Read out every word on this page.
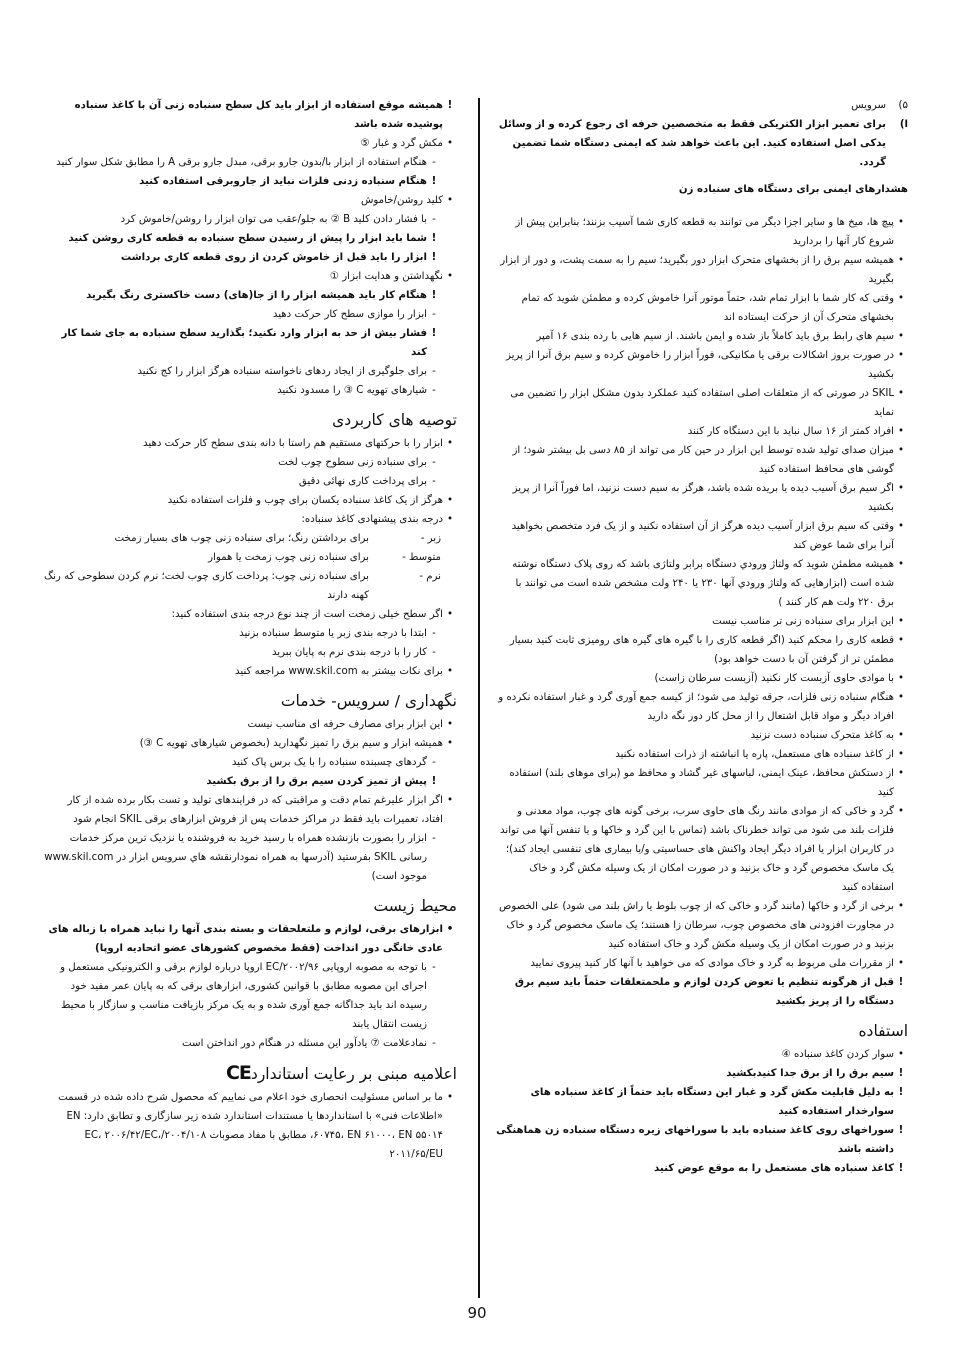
۵)
سرویس
ا)
برای تعمیر ابزار الکتریکی فقط به متخصصین حرفه ای رجوع کرده و از وسائل یدکی اصل استفاده کنید. این باعث خواهد شد که ایمنی دستگاه شما تضمین گردد.
هشدارهای ایمنی برای دستگاه های سنباده زن
•
پیچ ها، میخ ها و سایر اجزا دیگر می توانند به قطعه کاری شما آسیب بزنند؛ بنابراین پیش از شروع کار آنها را بردارید
•
همیشه سیم برق را از بخشهای متحرک ابزار دور بگیرید؛ سیم را به سمت پشت، و دور از ابزار بگیرید
•
وقتی که کار شما با ابزار تمام شد، حتماً موتور آنرا خاموش کرده و مطمئن شوید که تمام بخشهای متحرک آن از حرکت ایستاده اند
•
سیم های رابط برق باید کاملاً باز شده و ایمن باشند. از سیم هایی با رده بندی ۱۶ آمپر
•
در صورت بروز اشکالات برقی یا مکانیکی، فوراً ابزار را خاموش کرده و سیم برق آنرا از پریز بکشید
•
SKIL در صورتی که از متعلقات اصلی استفاده کنید عملکرد بدون مشکل ابزار را تضمین می نماید
•
افراد کمتر از ۱۶ سال نباید با این دستگاه کار کنند
•
میزان صدای تولید شده توسط این ابزار در حین کار می تواند از ۸۵ دسی بل بیشتر شود؛ از گوشی های محافظ استفاده کنید
•
اگر سیم برق آسیب دیده یا بریده شده باشد، هرگز به سیم دست نزنید، اما فوراً آنرا از پریز بکشید
•
وقتی که سیم برق ابزار آسیب دیده هرگز از آن استفاده نکنید و از یک فرد متخصص بخواهید آنرا برای شما عوض کند
•
همیشه مطمئن شوید که ولتاژ ورودي دستگاه برابر ولتاژی باشد که روی پلاک دستگاه نوشته شده است (ابزارهایی که ولتاژ ورودي آنها ۲۳۰ یا ۲۴۰ ولت مشخص شده است می توانند با برق ۲۲۰ ولت هم کار کنند )
•
این ابزار برای سنباده زنی تر مناسب نیست
•
قطعه کاری را محکم کنید (اگر قطعه کاری را با گیره های گیره های رومیزی ثابت کنید بسیار مطمئن تر از گرفتن آن با دست خواهد بود)
•
با موادی حاوی آزبست کار نکنید (آزبست سرطان زاست)
•
هنگام سنباده زنی فلزات، جرقه تولید می شود؛ از کیسه جمع آوری گرد و غبار استفاده نکرده و افراد دیگر و مواد قابل اشتعال را از محل کار دور نگه دارید
•
به کاغذ متحرک سنباده دست نزنید
•
از کاغذ سنباده های مستعمل، پاره یا انباشته از ذرات استفاده نکنید
•
از دستکش محافظ، عینک ایمنی، لباسهای غیر گشاد و محافظ مو (برای موهای بلند) استفاده کنید
•
گرد و خاکی که از موادی مانند رنگ های حاوی سرب، برخی گونه های چوب، مواد معدنی و فلزات بلند می شود می تواند خطرناک باشد (تماس با این گرد و خاکها و یا تنفس آنها می تواند در کاربران ابزار یا افراد دیگر ایجاد واکنش های حساسیتی و/یا بیماری های تنفسی ایجاد کند)؛ یک ماسک مخصوص گرد و خاک بزنید و در صورت امکان از یک وسیله مکش گرد و خاک استفاده کنید
•
برخی از گرد و خاکها (مانند گرد و خاکی که از چوب بلوط یا راش بلند می شود) علی الخصوص در مجاورت افزودنی های مخصوص چوب، سرطان زا هستند؛ یک ماسک مخصوص گرد و خاک بزنید و در صورت امکان از یک وسیله مکش گرد و خاک استفاده کنید
•
از مقررات ملی مربوط به گرد و خاک موادی که می خواهید با آنها کار کنید پیروی نمایید
!
قبل از هرگونه تنظیم یا تعوض کردن لوازم و ملحمتعلقات حتماً باید سیم برق دستگاه را از پریز بکشید
استفاده
•
سوار کردن کاغذ سنباده ④
!
سیم برق را از برق جدا کنیدبکشید
!
به دلیل قابلیت مکش گرد و غبار این دستگاه باید حتماً از کاغذ سنباده های سوارخدار استفاده کنید
!
سوراخهای روی کاغذ سنباده باید با سوراخهای زیره دستگاه سنباده زن هماهنگی داشته باشد
!
کاغذ سنباده های مستعمل را به موقع عوض کنید
!
همیشه موقع استفاده از ابزار باید کل سطح سنباده زنی آن با کاغذ سنباده پوشیده شده باشد
•
مکش گرد و غبار ⑤
-
هنگام استفاده از ابزار با/بدون جارو برقی، مبدل جارو برقی A را مطابق شکل سوار کنید
!
هنگام سنباده زدنی فلزات نباید از جاروبرقی استفاده کنید
•
کلید روشن/خاموش
-
با فشار دادن کلید B ② به جلو/عقب می توان ابزار را روشن/خاموش کرد
!
شما باید ابزار را پیش از رسیدن سطح سنباده به قطعه کاری روشن کنید
!
ابزار را باید قبل از خاموش کردن از روی قطعه کاری برداشت
•
نگهداشتن و هدایت ابزار ①
!
هنگام کار باید همیشه ابزار را از جا(های) دست خاکستری رنگ بگیرید
-
ابزار را موازی سطح کار حرکت دهید
!
فشار بیش از حد به ابزار وارد نکنید؛ بگذارید سطح سنباده به جای شما کار کند
-
برای جلوگیری از ایجاد ردهای ناخواسته سنباده هرگز ابزار را کج نکنید
-
شیارهای تهویه C ③ را مسدود نکنید
توصیه های کاربردی
•
ابزار را با حرکتهای مستقیم هم راستا با دانه بندی سطح کار حرکت دهید
-
برای سنباده زنی سطوح چوب لخت
-
برای پرداخت کاری نهائی دقیق
•
هرگز از یک کاغذ سنباده یکسان برای چوب و فلزات استفاده نکنید
•
درجه بندی پیشنهادی کاغذ سنباده:
زبر -
برای برداشتن رنگ؛ برای سنباده زنی چوب های بسیار زمخت
متوسط -
برای سنباده زنی چوب زمخت یا هموار
نرم -
برای سنباده زنی چوب: پرداخت کاری چوب لخت؛ نرم کردن سطوحی که رنگ کهنه دارند
•
اگر سطح خیلی زمخت است از چند نوع درجه بندی استفاده کنید:
-
ابتدا با درجه بندی زبر یا متوسط سنباده بزنید
-
کار را با درجه بندی نرم به پایان ببرید
•
برای نکات بیشتر به www.skil.com مراجعه کنید
نگهداری / سرویس- خدمات
•
این ابزار برای مصارف حرفه ای مناسب نیست
•
همیشه ابزار و سیم برق را تمیز نگهدارید (بخصوص شیارهای تهویه C ③)
-
گردهای چسبنده سنباده را با یک برس پاک کنید
!
پیش از تمیز کردن سیم برق را از برق بکشید
•
اگر ابزار علیرغم تمام دقت و مراقبتی که در فرایندهای تولید و تست بکار برده شده از کار افتاد، تعمیرات باید فقط در مراکز خدمات پس از فروش ابزارهای برقی SKIL انجام شود
-
ابزار را بصورت بازنشده همراه با رسید خرید به فروشنده یا نزدیک ترین مرکز خدمات رسانی SKIL بفرستید (آدرسها به همراه نمودارنقشه هاي سرویس ابزار در www.skil.com موجود است)
محیط زیست
•
ابزارهای برقی، لوازم و ملتعلحقات و بسته بندی آنها را نباید همراه با زباله های عادی خانگی دور انداخت (فقط مخصوص کشورهای عضو اتحادیه اروپا)
-
با توجه به مصوبه اروپایی ۲۰۰۲/۹۶/EC اروپا درباره لوازم برقی و الکترونیکی مستعمل و اجرای این مصوبه مطابق با قوانین کشوری، ابزارهای برقی که به پایان عمر مفید خود رسیده اند باید جداگانه جمع آوری شده و به یک مرکز بازیافت مناسب و سازگار با محیط زیست انتقال یابند
-
نمادعلامت ⑦ یادآور این مسئله در هنگام دور انداختن است
اعلامیه مبنی بر رعایت استانداردCE
•
ما بر اساس مسئولیت انحصاری خود اعلام می نماییم که محصول شرح داده شده در قسمت «اطلاعات فنی» با استانداردها یا مستندات استاندارد شده زیر سازگاری و تطابق دارد: EN ۶۰۷۴۵، EN ۶۱۰۰۰، EN ۵۵۰۱۴، مطابق با مفاد مصوبات ۲۰۰۴/۱۰۸/EC، ۲۰۰۶/۴۲/EC، ۲۰۱۱/۶۵/EU
90
